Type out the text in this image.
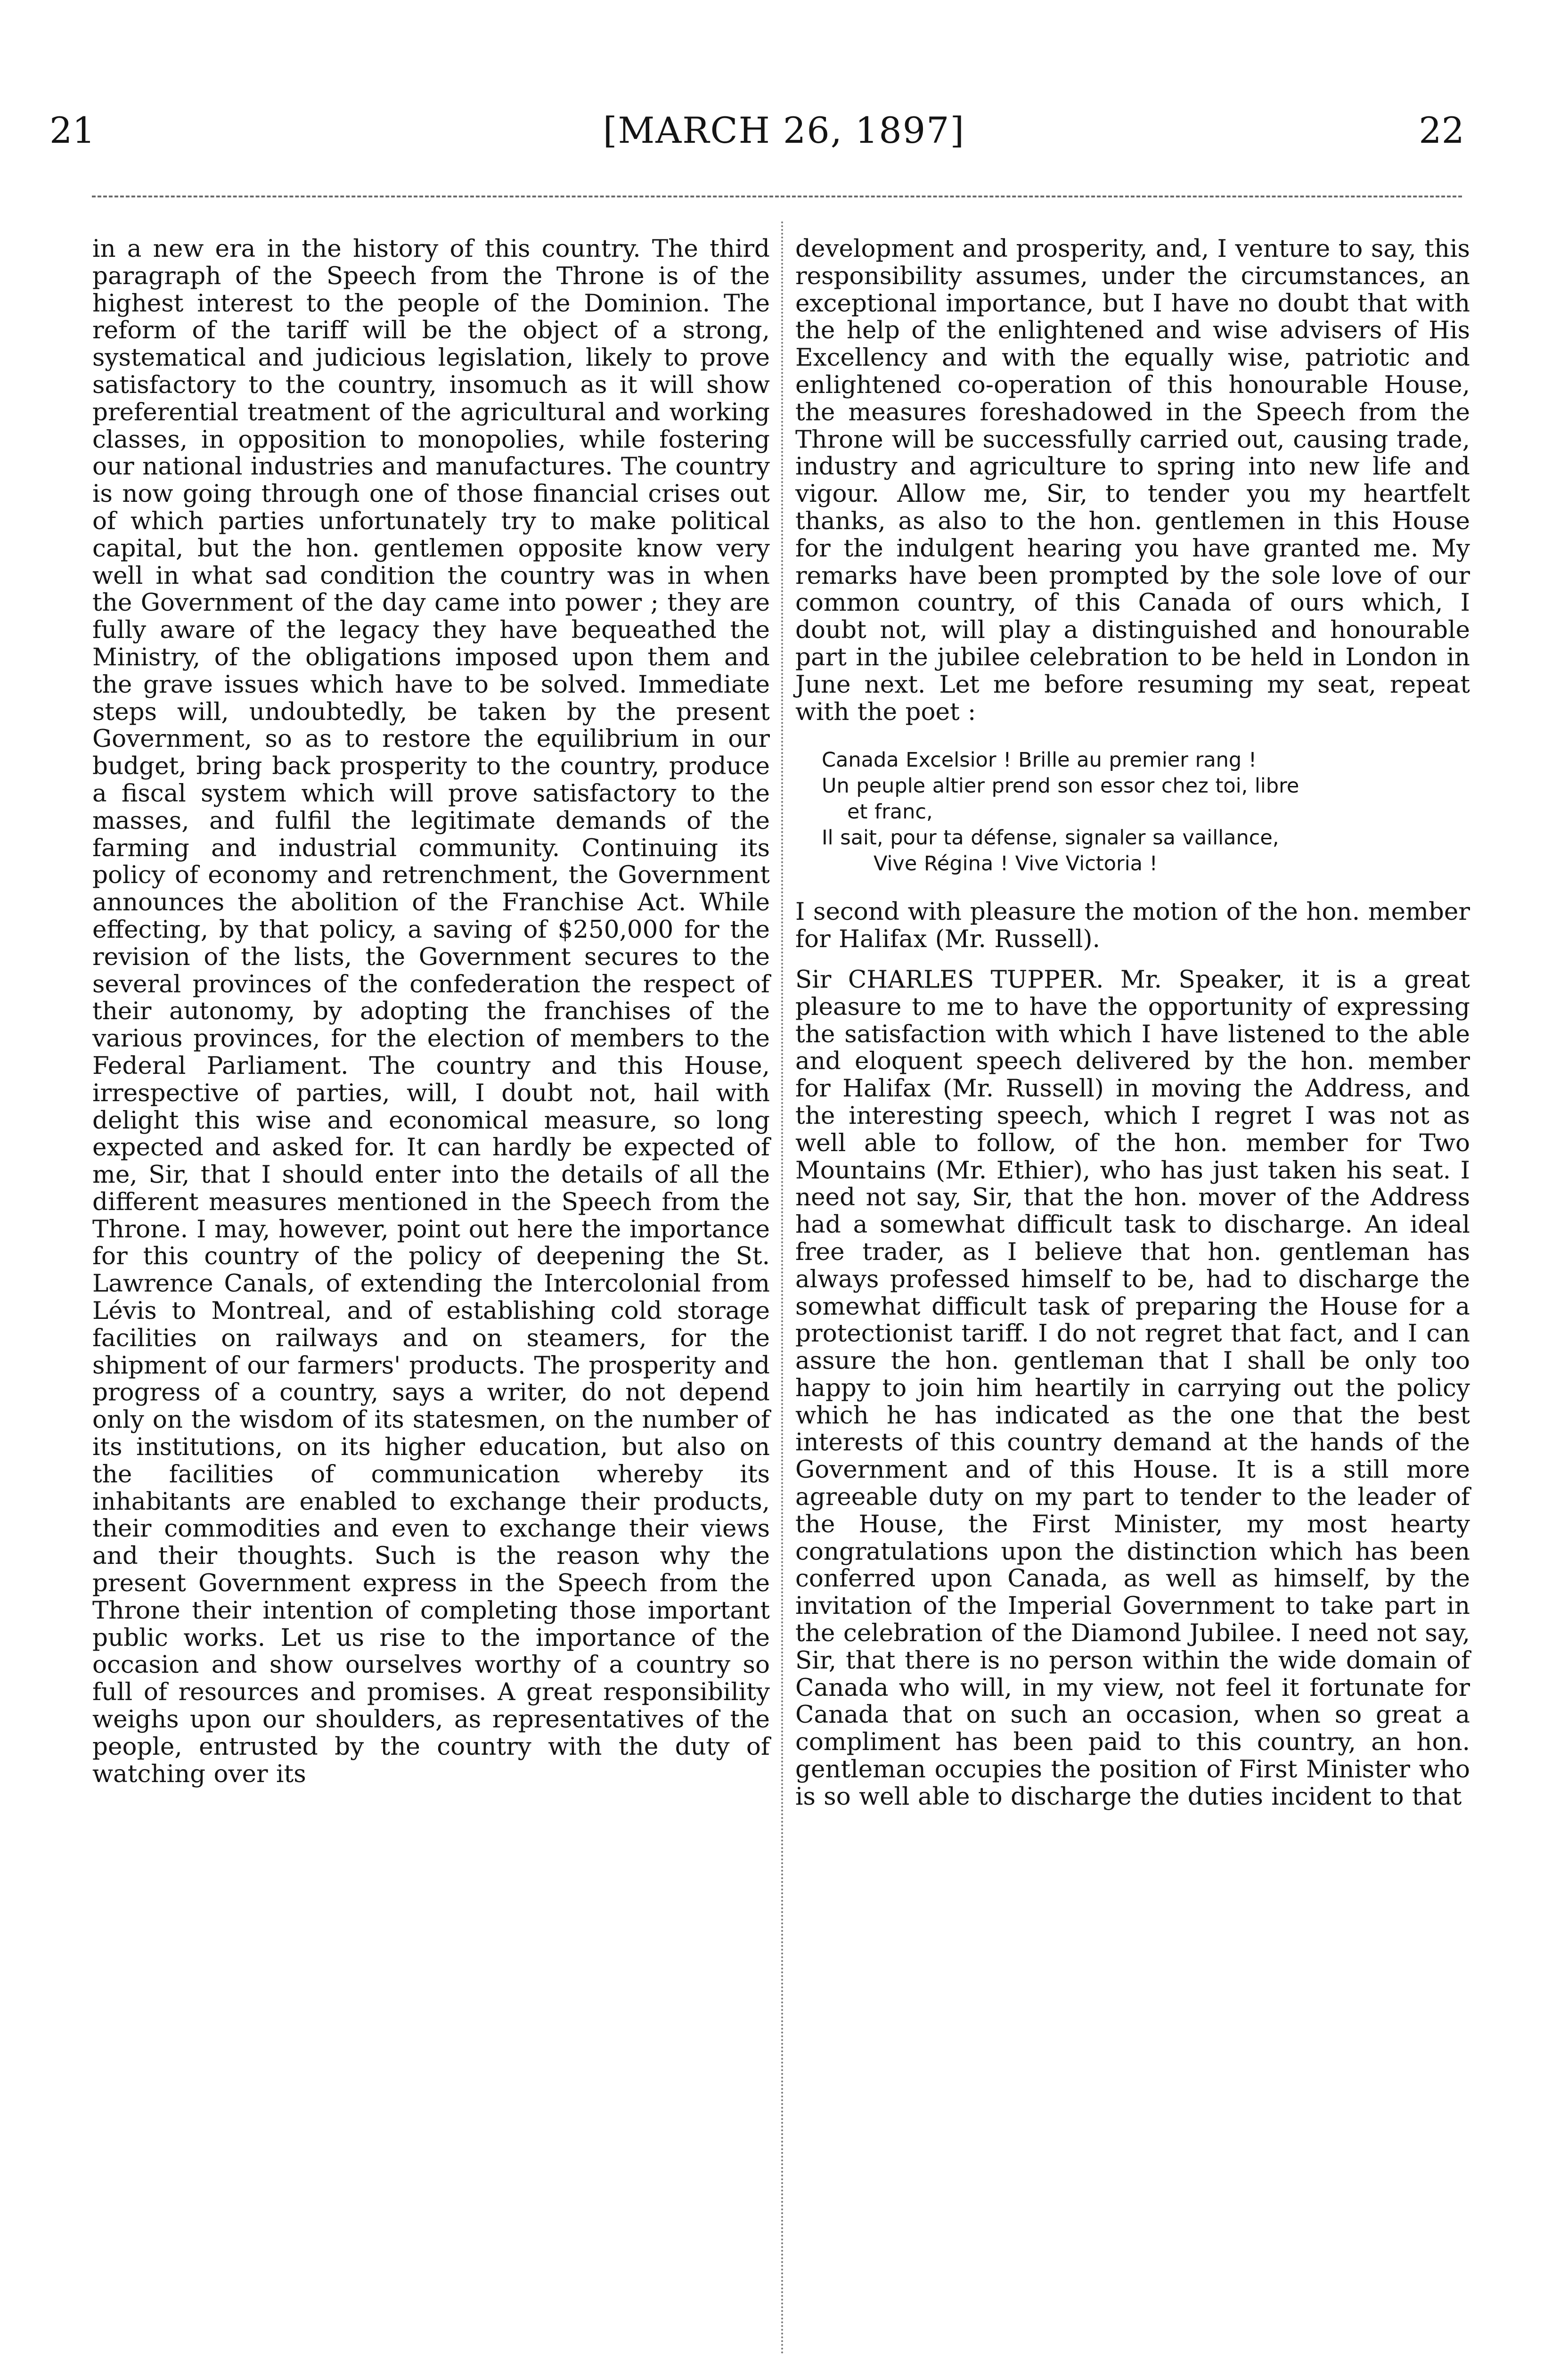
21	[MARCH 26, 1897]	22

in a new era in the history of this country. The third paragraph of the Speech from the Throne is of the highest interest to the people of the Dominion. The reform of the tariff will be the object of a strong, systematical and judicious legislation, likely to prove satisfactory to the country, insomuch as it will show preferential treatment of the agricultural and working classes, in opposition to monopolies, while fostering our national industries and manufactures. The country is now going through one of those financial crises out of which parties unfortunately try to make political capital, but the hon. gentlemen opposite know very well in what sad condition the country was in when the Government of the day came into power ; they are fully aware of the legacy they have bequeathed the Ministry, of the obligations imposed upon them and the grave issues which have to be solved. Immediate steps will, undoubtedly, be taken by the present Government, so as to restore the equilibrium in our budget, bring back prosperity to the country, produce a fiscal system which will prove satisfactory to the masses, and fulfil the legitimate demands of the farming and industrial community. Continuing its policy of economy and retrenchment, the Government announces the abolition of the Franchise Act. While effecting, by that policy, a saving of $250,000 for the revision of the lists, the Government secures to the several provinces of the confederation the respect of their autonomy, by adopting the franchises of the various provinces, for the election of members to the Federal Parliament. The country and this House, irrespective of parties, will, I doubt not, hail with delight this wise and economical measure, so long expected and asked for. It can hardly be expected of me, Sir, that I should enter into the details of all the different measures mentioned in the Speech from the Throne. I may, however, point out here the importance for this country of the policy of deepening the St. Lawrence Canals, of extending the Intercolonial from Lévis to Montreal, and of establishing cold storage facilities on railways and on steamers, for the shipment of our farmers' products. The prosperity and progress of a country, says a writer, do not depend only on the wisdom of its statesmen, on the number of its institutions, on its higher education, but also on the facilities of communication whereby its inhabitants are enabled to exchange their products, their commodities and even to exchange their views and their thoughts. Such is the reason why the present Government express in the Speech from the Throne their intention of completing those important public works. Let us rise to the importance of the occasion and show ourselves worthy of a country so full of resources and promises. A great responsibility weighs upon our shoulders, as representatives of the people, entrusted by the country with the duty of watching over its

development and prosperity, and, I venture to say, this responsibility assumes, under the circumstances, an exceptional importance, but I have no doubt that with the help of the enlightened and wise advisers of His Excellency and with the equally wise, patriotic and enlightened co-operation of this honourable House, the measures foreshadowed in the Speech from the Throne will be successfully carried out, causing trade, industry and agriculture to spring into new life and vigour. Allow me, Sir, to tender you my heartfelt thanks, as also to the hon. gentlemen in this House for the indulgent hearing you have granted me. My remarks have been prompted by the sole love of our common country, of this Canada of ours which, I doubt not, will play a distinguished and honourable part in the jubilee celebration to be held in London in June next. Let me before resuming my seat, repeat with the poet :

Canada Excelsior ! Brille au premier rang !
Un peuple altier prend son essor chez toi, libre
et franc,
Il sait, pour ta défense, signaler sa vaillance,
Vive Régina ! Vive Victoria !

I second with pleasure the motion of the hon. member for Halifax (Mr. Russell).

Sir CHARLES TUPPER. Mr. Speaker, it is a great pleasure to me to have the opportunity of expressing the satisfaction with which I have listened to the able and eloquent speech delivered by the hon. member for Halifax (Mr. Russell) in moving the Address, and the interesting speech, which I regret I was not as well able to follow, of the hon. member for Two Mountains (Mr. Ethier), who has just taken his seat. I need not say, Sir, that the hon. mover of the Address had a somewhat difficult task to discharge. An ideal free trader, as I believe that hon. gentleman has always professed himself to be, had to discharge the somewhat difficult task of preparing the House for a protectionist tariff. I do not regret that fact, and I can assure the hon. gentleman that I shall be only too happy to join him heartily in carrying out the policy which he has indicated as the one that the best interests of this country demand at the hands of the Government and of this House. It is a still more agreeable duty on my part to tender to the leader of the House, the First Minister, my most hearty congratulations upon the distinction which has been conferred upon Canada, as well as himself, by the invitation of the Imperial Government to take part in the celebration of the Diamond Jubilee. I need not say, Sir, that there is no person within the wide domain of Canada who will, in my view, not feel it fortunate for Canada that on such an occasion, when so great a compliment has been paid to this country, an hon. gentleman occupies the position of First Minister who is so well able to discharge the duties incident to that
